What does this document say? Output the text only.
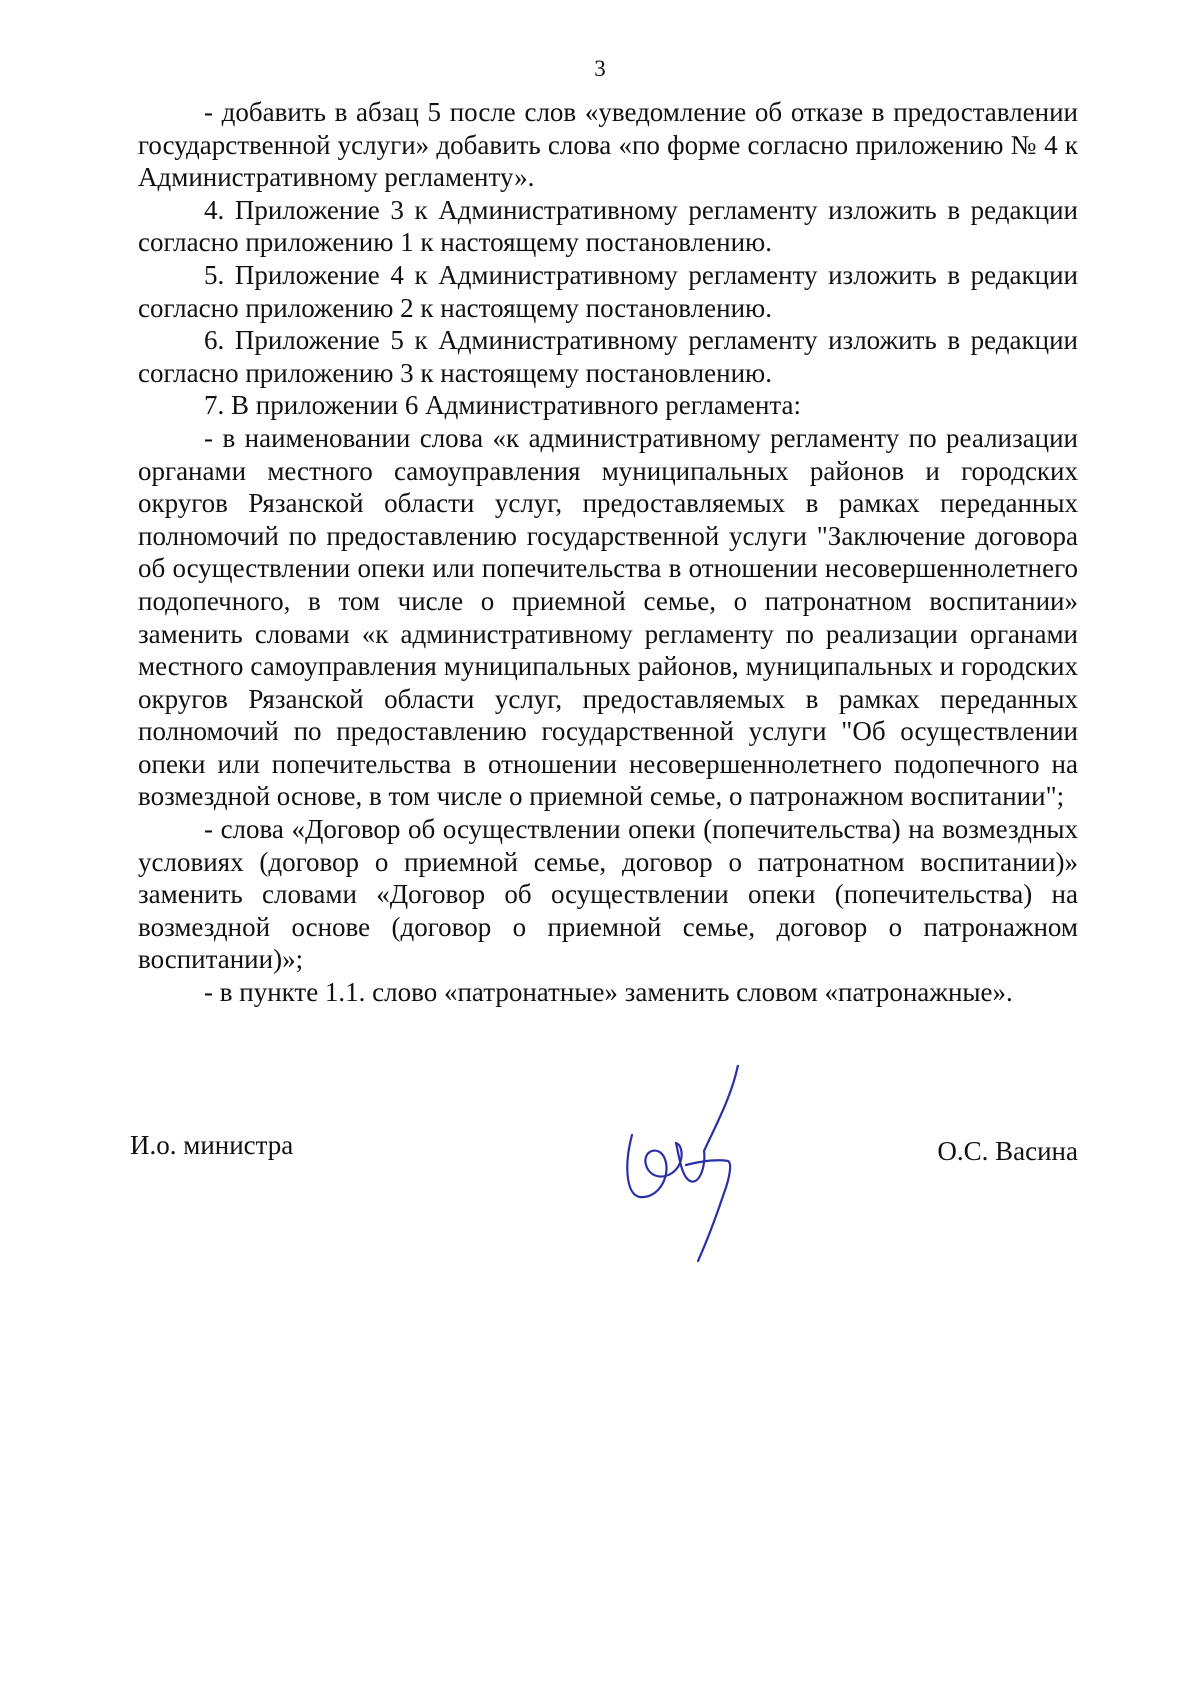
3

- добавить в абзац 5 после слов «уведомление об отказе в предоставлении государственной услуги» добавить слова «по форме согласно приложению № 4 к Административному регламенту».

4. Приложение 3 к Административному регламенту изложить в редакции согласно приложению 1 к настоящему постановлению.

5. Приложение 4 к Административному регламенту изложить в редакции согласно приложению 2 к настоящему постановлению.

6. Приложение 5 к Административному регламенту изложить в редакции согласно приложению 3 к настоящему постановлению.

7. В приложении 6 Административного регламента:

- в наименовании слова «к административному регламенту по реализации органами местного самоуправления муниципальных районов и городских округов Рязанской области услуг, предоставляемых в рамках переданных полномочий по предоставлению государственной услуги "Заключение договора об осуществлении опеки или попечительства в отношении несовершеннолетнего подопечного, в том числе о приемной семье, о патронатном воспитании» заменить словами «к административному регламенту по реализации органами местного самоуправления муниципальных районов, муниципальных и городских округов Рязанской области услуг, предоставляемых в рамках переданных полномочий по предоставлению государственной услуги "Об осуществлении опеки или попечительства в отношении несовершеннолетнего подопечного на возмездной основе, в том числе о приемной семье, о патронажном воспитании";

- слова «Договор об осуществлении опеки (попечительства) на возмездных условиях (договор о приемной семье, договор о патронатном воспитании)» заменить словами «Договор об осуществлении опеки (попечительства) на возмездной основе (договор о приемной семье, договор о патронажном воспитании)»;

- в пункте 1.1. слово «патронатные» заменить словом «патронажные».

И.о. министра	О.С. Васина
